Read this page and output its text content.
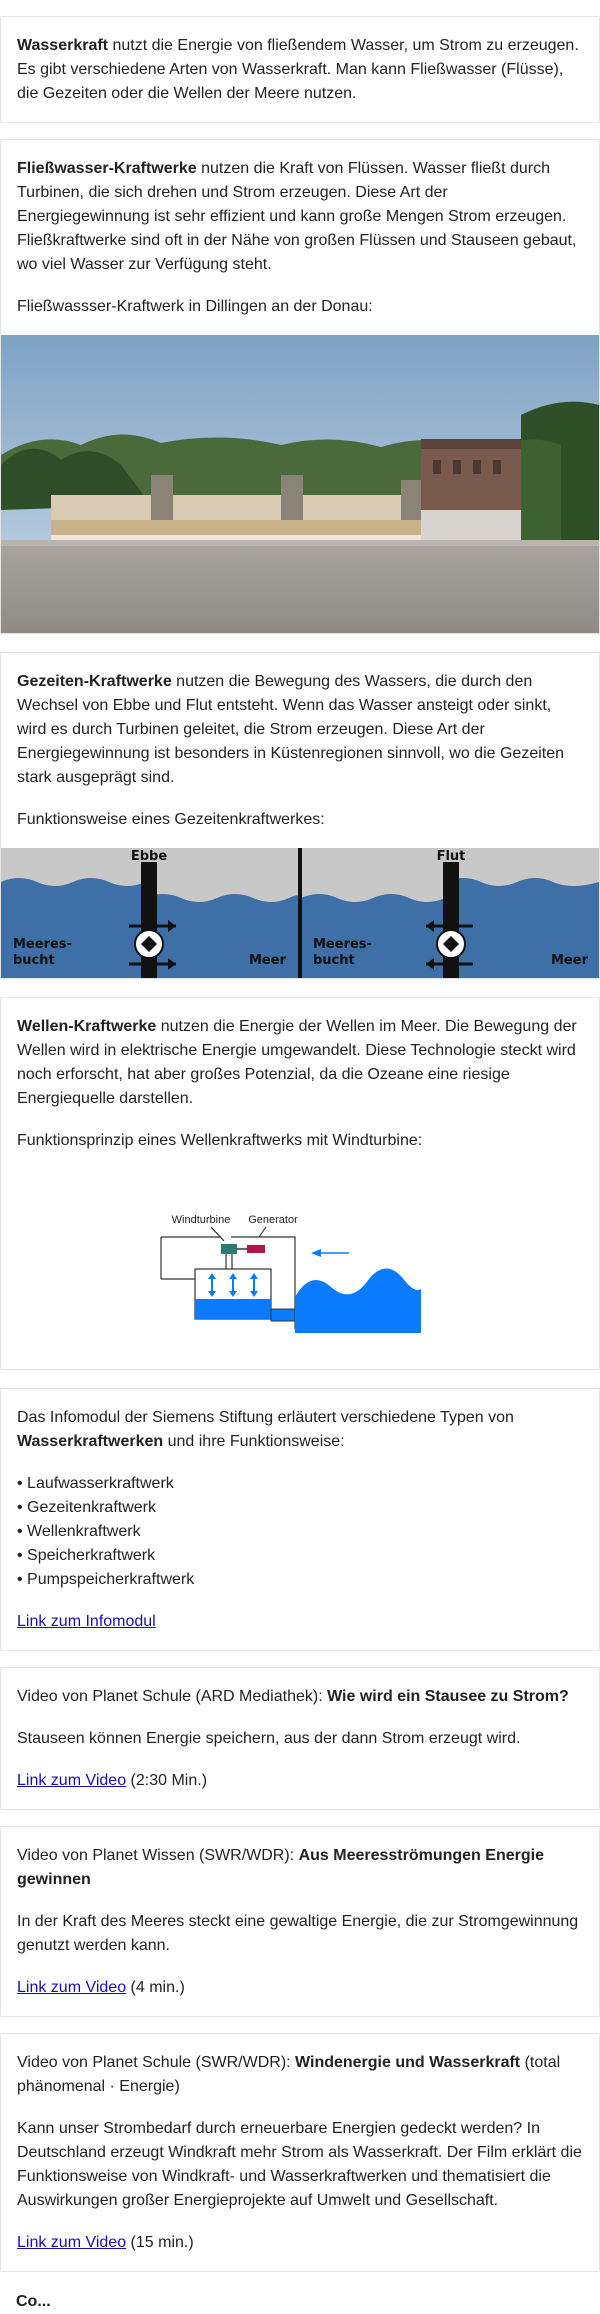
Wasserkraft nutzt die Energie von fließendem Wasser, um Strom zu erzeugen. Es gibt verschiedene Arten von Wasserkraft. Man kann Fließwasser (Flüsse), die Gezeiten oder die Wellen der Meere nutzen.

Fließwasser-Kraftwerke nutzen die Kraft von Flüssen. Wasser fließt durch Turbinen, die sich drehen und Strom erzeugen. Diese Art der Energiegewinnung ist sehr effizient und kann große Mengen Strom erzeugen. Fließkraftwerke sind oft in der Nähe von großen Flüssen und Stauseen gebaut, wo viel Wasser zur Verfügung steht.

Fließwassser-Kraftwerk in Dillingen an der Donau:

Gezeiten-Kraftwerke nutzen die Bewegung des Wassers, die durch den Wechsel von Ebbe und Flut entsteht. Wenn das Wasser ansteigt oder sinkt, wird es durch Turbinen geleitet, die Strom erzeugen. Diese Art der Energiegewinnung ist besonders in Küstenregionen sinnvoll, wo die Gezeiten stark ausgeprägt sind.

Funktionsweise eines Gezeitenkraftwerkes:

Ebbe	Flut
Meeres-
bucht	Meer
Meeres-
bucht	Meer

Wellen-Kraftwerke nutzen die Energie der Wellen im Meer. Die Bewegung der Wellen wird in elektrische Energie umgewandelt. Diese Technologie steckt wird noch erforscht, hat aber großes Potenzial, da die Ozeane eine riesige Energiequelle darstellen.

Funktionsprinzip eines Wellenkraftwerks mit Windturbine:

Windturbine Generator

Das Infomodul der Siemens Stiftung erläutert verschiedene Typen von Wasserkraftwerken und ihre Funktionsweise:

• Laufwasserkraftwerk
• Gezeitenkraftwerk
• Wellenkraftwerk
• Speicherkraftwerk
• Pumpspeicherkraftwerk

Link zum Infomodul

Video von Planet Schule (ARD Mediathek): Wie wird ein Stausee zu Strom?

Stauseen können Energie speichern, aus der dann Strom erzeugt wird.

Link zum Video (2:30 Min.)

Video von Planet Wissen (SWR/WDR): Aus Meeresströmungen Energie gewinnen

In der Kraft des Meeres steckt eine gewaltige Energie, die zur Stromgewinnung genutzt werden kann.

Link zum Video (4 min.)

Video von Planet Schule (SWR/WDR): Windenergie und Wasserkraft (total phänomenal · Energie)

Kann unser Strombedarf durch erneuerbare Energien gedeckt werden? In Deutschland erzeugt Windkraft mehr Strom als Wasserkraft. Der Film erklärt die Funktionsweise von Windkraft- und Wasserkraftwerken und thematisiert die Auswirkungen großer Energieprojekte auf Umwelt und Gesellschaft.

Link zum Video (15 min.)

Co...
